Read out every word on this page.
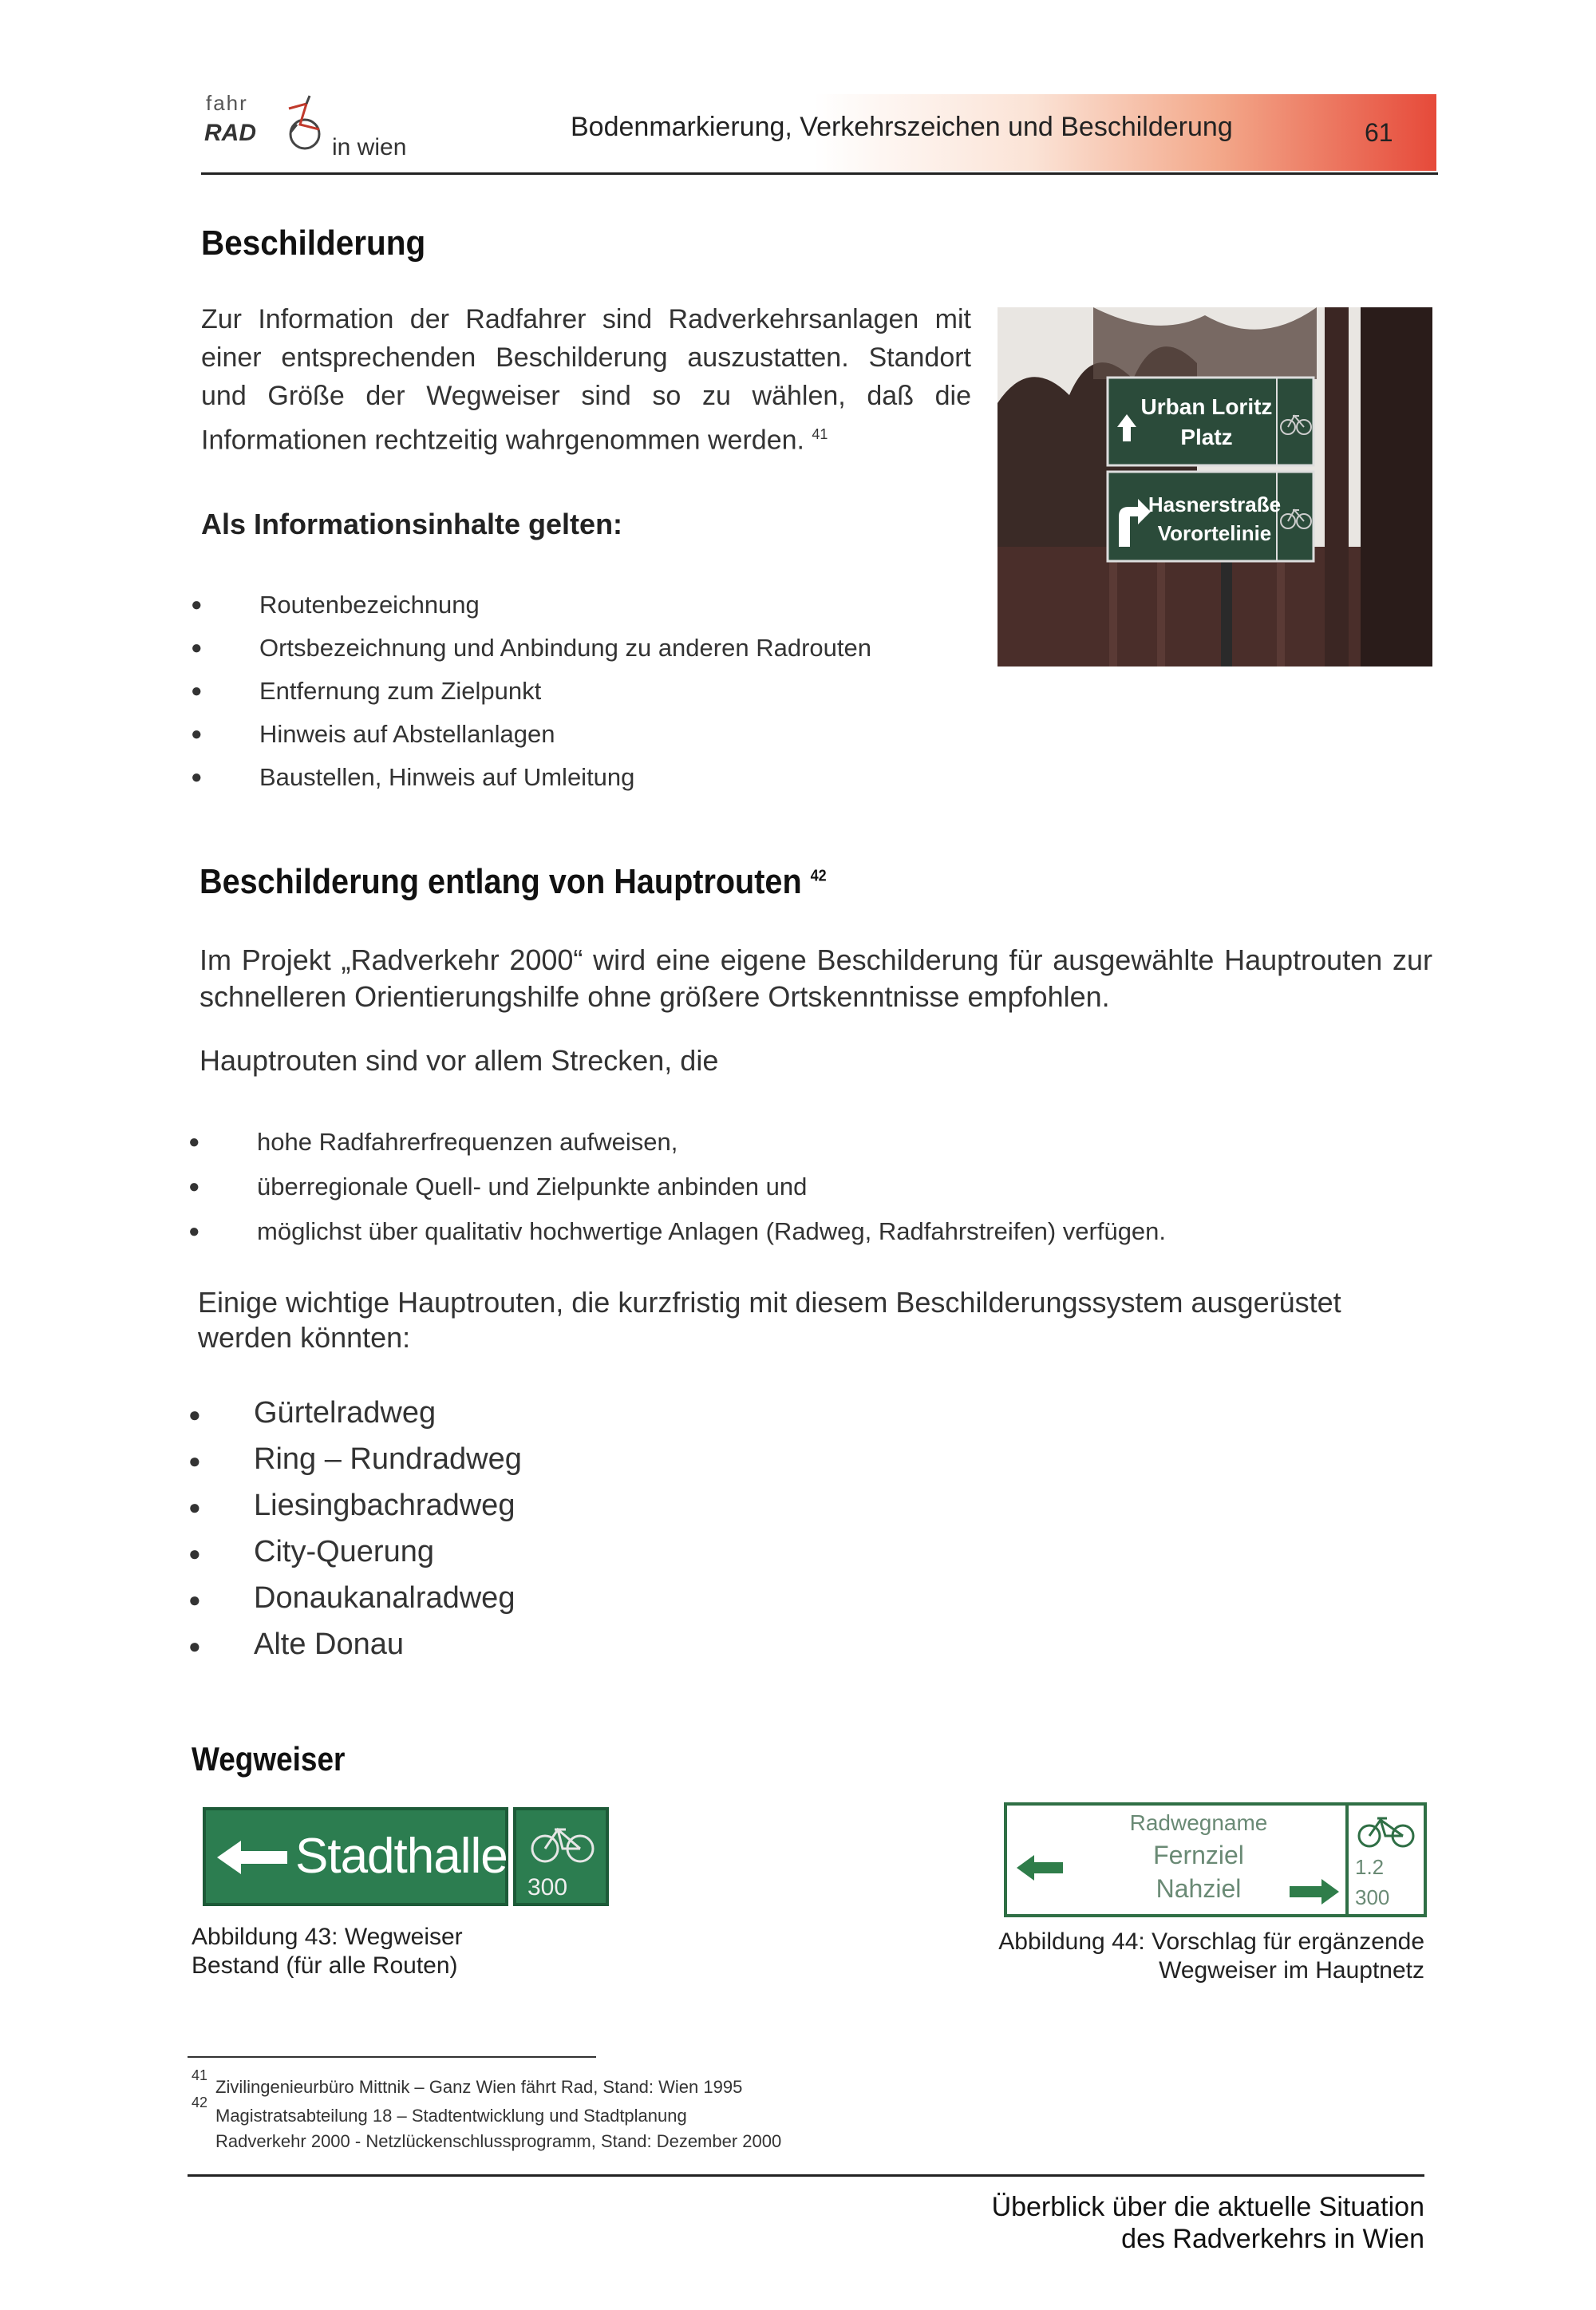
fahr
RAD
in wien
Bodenmarkierung, Verkehrszeichen und Beschilderung	61
Beschilderung
Zur Information der Radfahrer sind Radverkehrsanlagen mit einer entsprechenden Beschilderung auszustatten. Standort und Größe der Wegweiser sind so zu wählen, daß die Informationen rechtzeitig wahrgenommen werden. $^{41}$
Als Informationsinhalte gelten:
● Routenbezeichnung
● Ortsbezeichnung und Anbindung zu anderen Radrouten
● Entfernung zum Zielpunkt
● Hinweis auf Abstellanlagen
● Baustellen, Hinweis auf Umleitung
Urban Loritz
Platz
Hasnerstraße
Vorortelinie
Beschilderung entlang von Hauptrouten $^{42}$
Im Projekt „Radverkehr 2000“ wird eine eigene Beschilderung für ausgewählte Hauptrouten zur schnelleren Orientierungshilfe ohne größere Ortskenntnisse empfohlen.
Hauptrouten sind vor allem Strecken, die
● hohe Radfahrerfrequenzen aufweisen,
● überregionale Quell- und Zielpunkte anbinden und
● möglichst über qualitativ hochwertige Anlagen (Radweg, Radfahrstreifen) verfügen.
Einige wichtige Hauptrouten, die kurzfristig mit diesem Beschilderungssystem ausgerüstet werden könnten:
● Gürtelradweg
● Ring – Rundradweg
● Liesingbachradweg
● City-Querung
● Donaukanalradweg
● Alte Donau
Wegweiser
Stadthalle
300
Abbildung 43: Wegweiser
Bestand (für alle Routen)
Radwegname
Fernziel
Nahziel
1.2
300
Abbildung 44: Vorschlag für ergänzende
Wegweiser im Hauptnetz
41
Zivilingenieurbüro Mittnik – Ganz Wien fährt Rad, Stand: Wien 1995
42
Magistratsabteilung 18 – Stadtentwicklung und Stadtplanung
Radverkehr 2000 - Netzlückenschlussprogramm, Stand: Dezember 2000
Überblick über die aktuelle Situation
des Radverkehrs in Wien
